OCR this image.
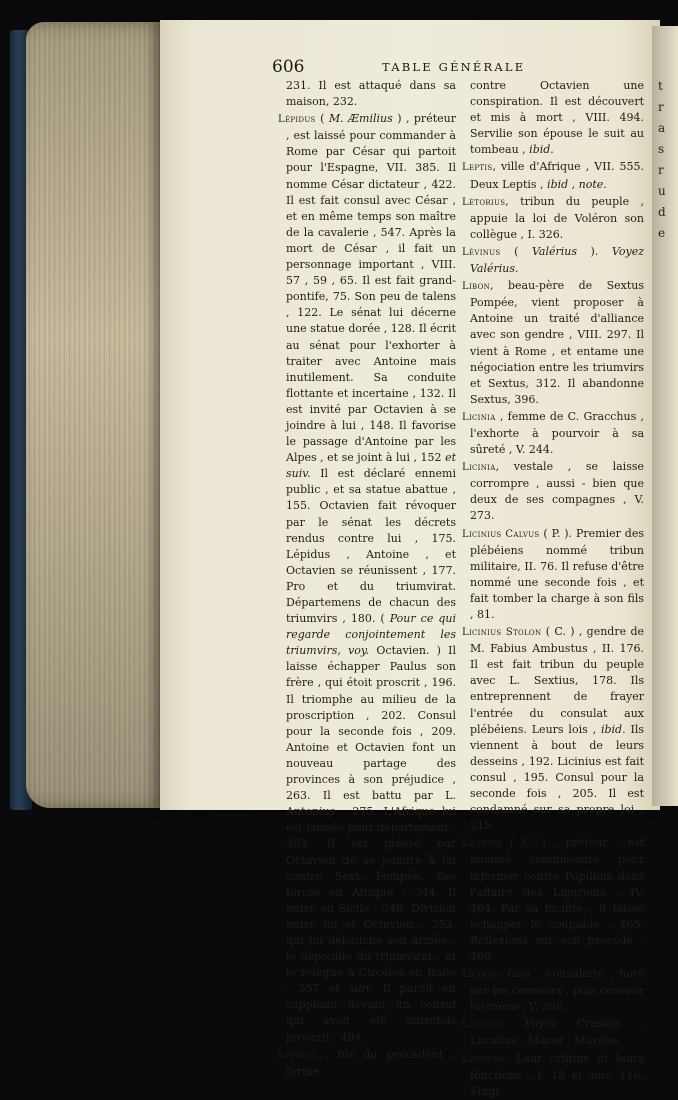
t
r
a
s
r
u
d
e
606	TABLE GÉNÉRALE
231. Il est attaqué dans sa maison, 232.
Lépidus ( M. Æmilius ) , préteur , est laissé pour commander à Rome par César qui partoit pour l'Espagne, VII. 385. Il nomme César dictateur , 422. Il est fait consul avec César , et en même temps son maître de la cavalerie , 547. Après la mort de César , il fait un personnage important , VIII. 57 , 59 , 65. Il est fait grand-pontife, 75. Son peu de talens , 122. Le sénat lui décerne une statue dorée , 128. Il écrit au sénat pour l'exhorter à traiter avec Antoine mais inutilement. Sa conduite flottante et incertaine , 132. Il est invité par Octavien à se joindre à lui , 148. Il favorise le passage d'Antoine par les Alpes , et se joint à lui , 152 et suiv. Il est déclaré ennemi public , et sa statue abattue , 155. Octavien fait révoquer par le sénat les décrets rendus contre lui , 175. Lépidus , Antoine , et Octavien se réunissent , 177. Pro et du triumvirat. Départemens de chacun des triumvirs , 180. ( Pour ce qui regarde conjointement les triumvirs, voy. Octavien. ) Il laisse échapper Paulus son frère , qui étoit proscrit , 196. Il triomphe au milieu de la proscription , 202. Consul pour la seconde fois , 209. Antoine et Octavien font un nouveau partage des provinces à son préjudice , 263. Il est battu par L. Antonius , 275. L'Afrique lui est laissée pour département , 303. Il est pressé par Octavien de se joindre à lui contre Sext. Pompée. Ses forces en Afrique , 344. Il entre en Sicile , 348. Division entre lui et Octavien , 353, qui lui débauche son armée , le dépouille du triumvirat , et le relègue à Circéies en Italie , 357 et suiv. Il paroît en suppliant devant un consul qui avoit été autrefois proscrit , 494.
Lépidus , fils du précédent , forme
contre Octavien une conspiration. Il est découvert et mis à mort , VIII. 494. Servilie son épouse le suit au tombeau , ibid.
Leptis, ville d'Afrique , VII. 555. Deux Leptis , ibid , note.
Létorius, tribun du peuple , appuie la loi de Voléron son collègue , I. 326.
Lévinus ( Valérius ). Voyez Valérius.
Libon, beau-père de Sextus Pompée, vient proposer à Antoine un traité d'alliance avec son gendre , VIII. 297. Il vient à Rome , et entame une négociation entre les triumvirs et Sextus, 312. Il abandonne Sextus, 396.
Licinia , femme de C. Gracchus , l'exhorte à pourvoir à sa sûreté , V. 244.
Licinia, vestale , se laisse corrompre , aussi - bien que deux de ses compagnes , V. 273.
Licinius Calvus ( P. ). Premier des plébéiens nommé tribun militaire, II. 76. Il refuse d'être nommé une seconde fois , et fait tomber la charge à son fils , 81.
Licinius Stolon ( C. ) , gendre de M. Fabius Ambustus , II. 176. Il est fait tribun du peuple avec L. Sextius, 178. Ils entreprennent de frayer l'entrée du consulat aux plébéiens. Leurs lois , ibid. Ils viennent à bout de leurs desseins , 192. Licinius est fait consul , 195. Consul pour la seconde fois , 205. Il est condamné sur sa propre loi , 215.
Licinius ( C. ) , préteur , est nommé commissaire pour informer contre Popillius dans l'affaire des Liguriens , IV. 464. Par sa facilité , il laisse échapper le coupable , 465. Réflexions sur son procédé , 466.
Licinius Géta , consulaire , noté par les censeurs , puis censeur lui-même, V. 268.
Licinius. Voyez Crassus , Lucullus , Macer , Muréna.
Licteurs. Leur origine et leurs fonctions , I. 18 et suiv. 116. Vingt-
